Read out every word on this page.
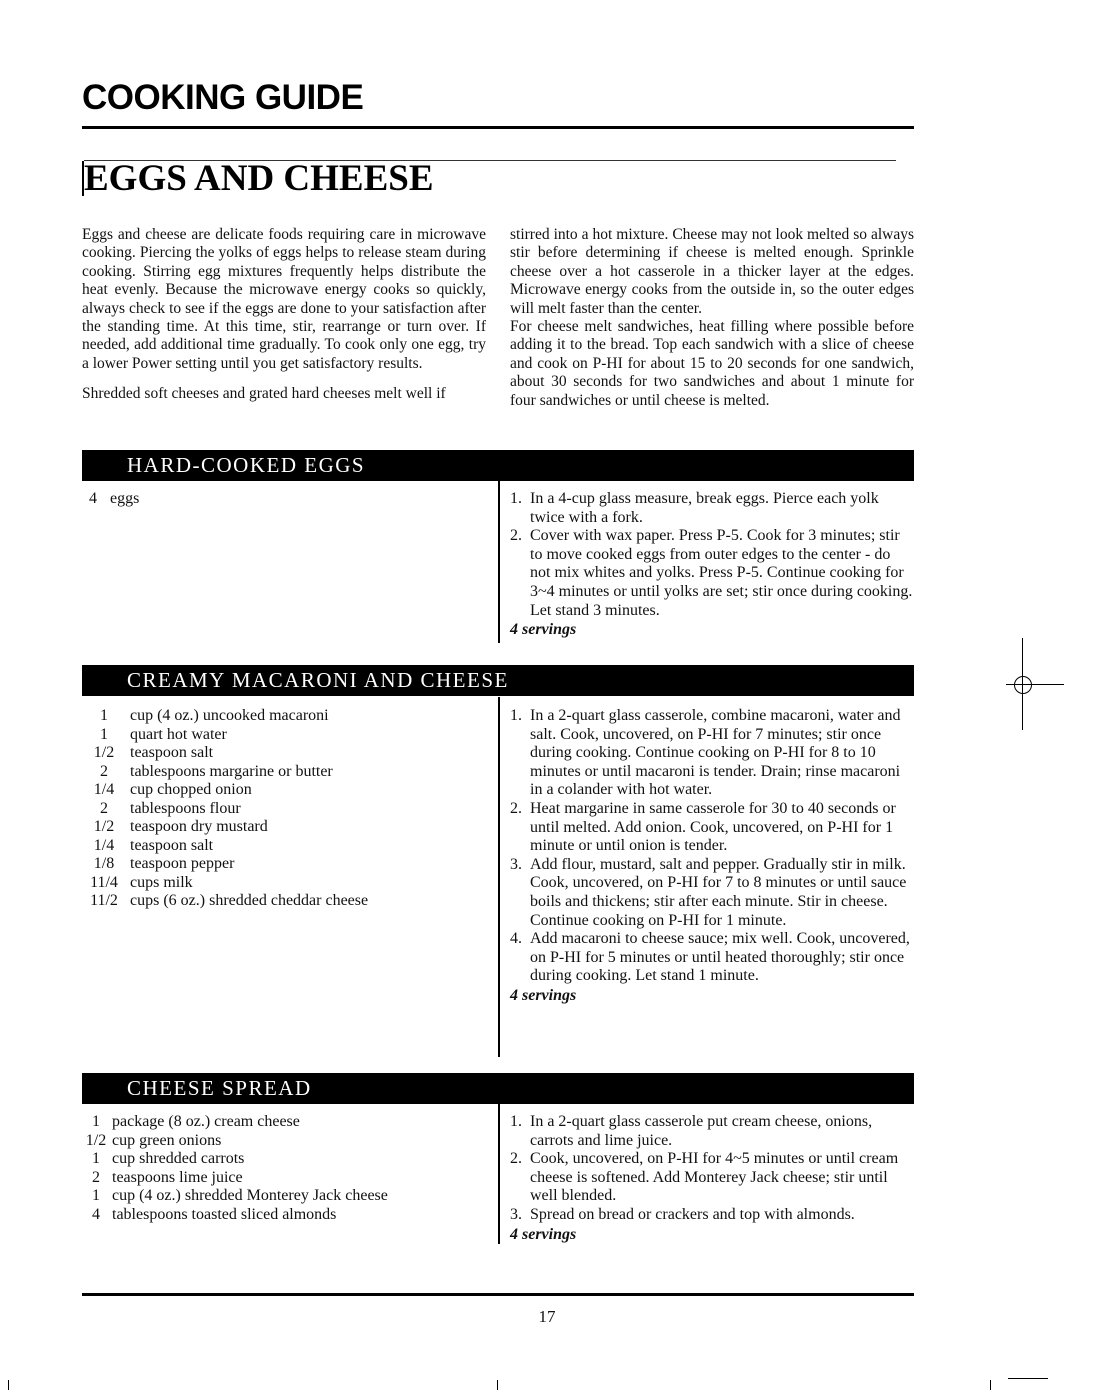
COOKING GUIDE
EGGS AND CHEESE

Eggs and cheese are delicate foods requiring care in microwave cooking. Piercing the yolks of eggs helps to release steam during cooking. Stirring egg mixtures frequently helps distribute the heat evenly. Because the microwave energy cooks so quickly, always check to see if the eggs are done to your satisfaction after the standing time. At this time, stir, rearrange or turn over. If needed, add additional time gradually. To cook only one egg, try a lower Power setting until you get satisfactory results.

Shredded soft cheeses and grated hard cheeses melt well if

stirred into a hot mixture. Cheese may not look melted so always stir before determining if cheese is melted enough. Sprinkle cheese over a hot casserole in a thicker layer at the edges. Microwave energy cooks from the outside in, so the outer edges will melt faster than the center.

For cheese melt sandwiches, heat filling where possible before adding it to the bread. Top each sandwich with a slice of cheese and cook on P-HI for about 15 to 20 seconds for one sandwich, about 30 seconds for two sandwiches and about 1 minute for four sandwiches or until cheese is melted.

HARD-COOKED EGGS
4 eggs	1. In a 4-cup glass measure, break eggs. Pierce each yolk twice with a fork.
2. Cover with wax paper. Press P-5. Cook for 3 minutes; stir to move cooked eggs from outer edges to the center - do not mix whites and yolks. Press P-5. Continue cooking for 3~4 minutes or until yolks are set; stir once during cooking. Let stand 3 minutes.
4 servings
CREAMY MACARONI AND CHEESE
1	cup (4 oz.) uncooked macaroni
1	quart hot water
1/2 teaspoon salt
2	tablespoons margarine or butter
1/4 cup chopped onion
2	tablespoons flour
1/2 teaspoon dry mustard
1/4 teaspoon salt
1/8 teaspoon pepper
11/4 cups milk
11/2 cups (6 oz.) shredded cheddar cheese
1. In a 2-quart glass casserole, combine macaroni, water and salt. Cook, uncovered, on P-HI for 7 minutes; stir once during cooking. Continue cooking on P-HI for 8 to 10 minutes or until macaroni is tender. Drain; rinse macaroni in a colander with hot water.
2. Heat margarine in same casserole for 30 to 40 seconds or until melted. Add onion. Cook, uncovered, on P-HI for 1 minute or until onion is tender.
3. Add flour, mustard, salt and pepper. Gradually stir in milk. Cook, uncovered, on P-HI for 7 to 8 minutes or until sauce boils and thickens; stir after each minute. Stir in cheese. Continue cooking on P-HI for 1 minute.
4. Add macaroni to cheese sauce; mix well. Cook, uncovered, on P-HI for 5 minutes or until heated thoroughly; stir once during cooking. Let stand 1 minute.
4 servings
CHEESE SPREAD
1 package (8 oz.) cream cheese
1/2 cup green onions
1 cup shredded carrots
2 teaspoons lime juice
1 cup (4 oz.) shredded Monterey Jack cheese
4 tablespoons toasted sliced almonds
1. In a 2-quart glass casserole put cream cheese, onions, carrots and lime juice.
2. Cook, uncovered, on P-HI for 4~5 minutes or until cream cheese is softened. Add Monterey Jack cheese; stir until well blended.
3. Spread on bread or crackers and top with almonds.
4 servings
17
